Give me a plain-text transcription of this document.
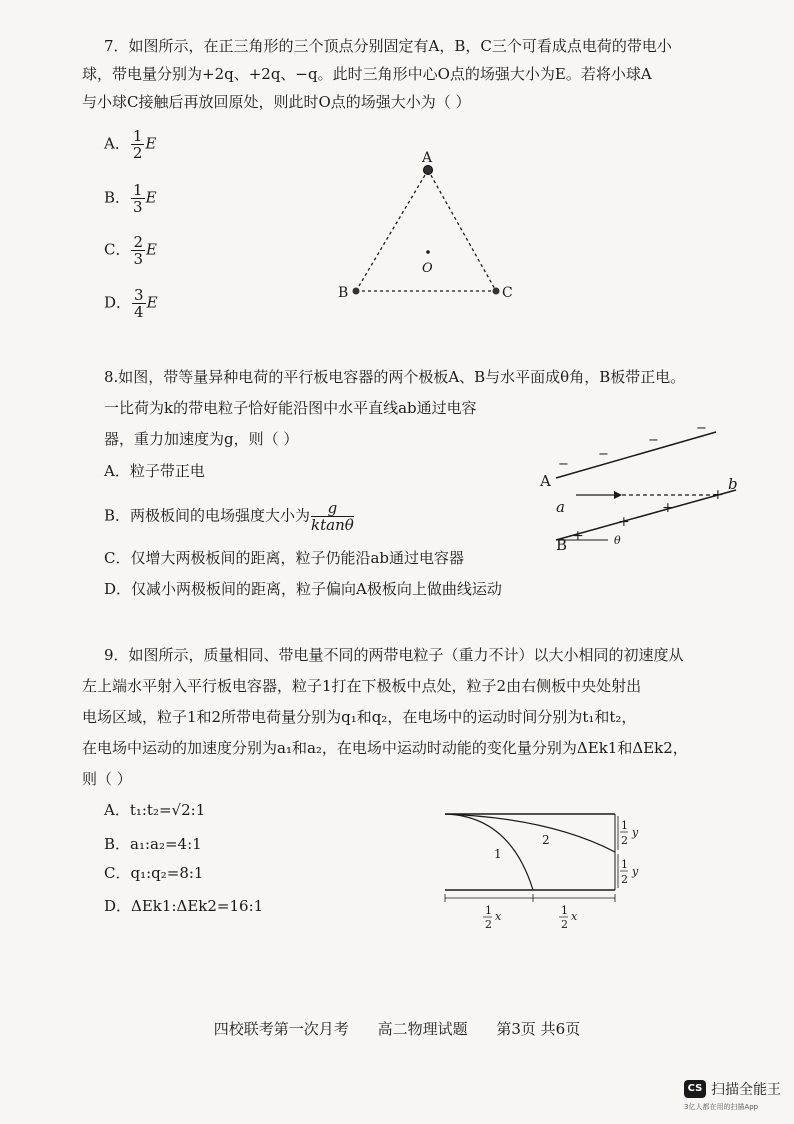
7．如图所示，在正三角形的三个顶点分别固定有A，B，C三个可看成点电荷的带电小
球，带电量分别为+2q、+2q、−q。此时三角形中心O点的场强大小为E。若将小球A
与小球C接触后再放回原处，则此时O点的场强大小为（ ）
A． $\frac{1}{2}$ E
B． $\frac{1}{3}$ E
C． $\frac{2}{3}$ E
D． $\frac{3}{4}$ E
A
B	C
O
8.如图，带等量异种电荷的平行板电容器的两个极板A、B与水平面成θ角，B板带正电。
一比荷为k的带电粒子恰好能沿图中水平直线ab通过电容
器，重力加速度为g，则（ ）
A．粒子带正电
B．两极板间的电场强度大小为 $\frac{g}{ktan\theta}$
C．仅增大两极板间的距离，粒子仍能沿ab通过电容器
D．仅减小两极板间的距离，粒子偏向A极板向上做曲线运动
−
−
−
−
+
+
+
+
A
a
b
B	θ
9．如图所示，质量相同、带电量不同的两带电粒子（重力不计）以大小相同的初速度从
左上端水平射入平行板电容器，粒子1打在下极板中点处，粒子2由右侧板中央处射出
电场区域，粒子1和2所带电荷量分别为q₁和q₂，在电场中的运动时间分别为t₁和t₂，
在电场中运动的加速度分别为a₁和a₂，在电场中运动时动能的变化量分别为ΔEk1和ΔEk2，
则（ ）
A．t₁:t₂=√2:1
B．a₁:a₂=4:1
C．q₁:q₂=8:1
D．ΔEk1:ΔEk2=16:1
1
2
1
2
y
1
2
y
1
2
x	1
2
x
四校联考第一次月考 高二物理试题 第3页 共6页
CS 扫描全能王
3亿人都在用的扫描App
